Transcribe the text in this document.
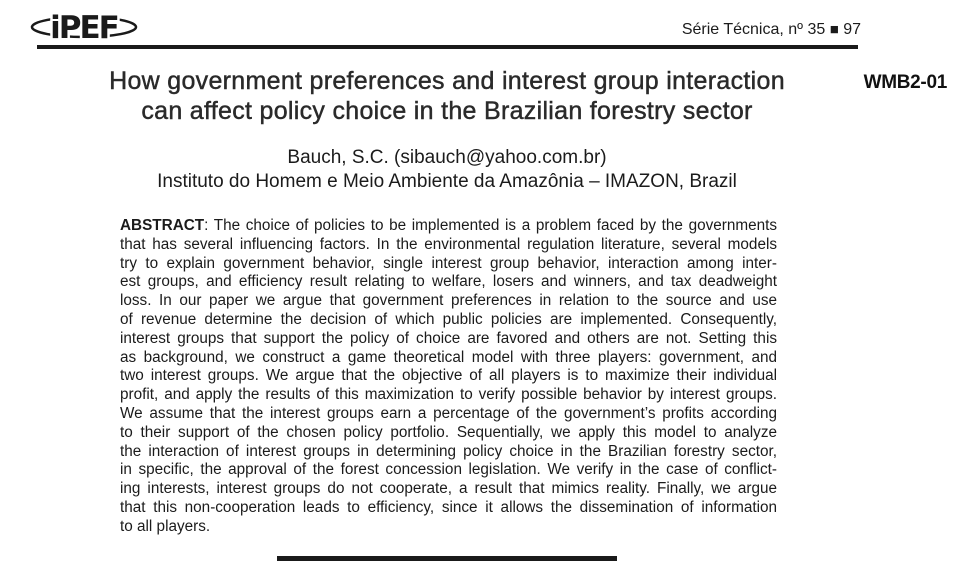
iPEF	Série Técnica, nº 35 ■ 97
WMB2-01
How government preferences and interest group interaction
can affect policy choice in the Brazilian forestry sector
Bauch, S.C. (sibauch@yahoo.com.br)
Instituto do Homem e Meio Ambiente da Amazônia – IMAZON, Brazil
ABSTRACT: The choice of policies to be implemented is a problem faced by the governments
that has several influencing factors. In the environmental regulation literature, several models
try to explain government behavior, single interest group behavior, interaction among inter-
est groups, and efficiency result relating to welfare, losers and winners, and tax deadweight
loss. In our paper we argue that government preferences in relation to the source and use
of revenue determine the decision of which public policies are implemented. Consequently,
interest groups that support the policy of choice are favored and others are not. Setting this
as background, we construct a game theoretical model with three players: government, and
two interest groups. We argue that the objective of all players is to maximize their individual
profit, and apply the results of this maximization to verify possible behavior by interest groups.
We assume that the interest groups earn a percentage of the government’s profits according
to their support of the chosen policy portfolio. Sequentially, we apply this model to analyze
the interaction of interest groups in determining policy choice in the Brazilian forestry sector,
in specific, the approval of the forest concession legislation. We verify in the case of conflict-
ing interests, interest groups do not cooperate, a result that mimics reality. Finally, we argue
that this non-cooperation leads to efficiency, since it allows the dissemination of information
to all players.
